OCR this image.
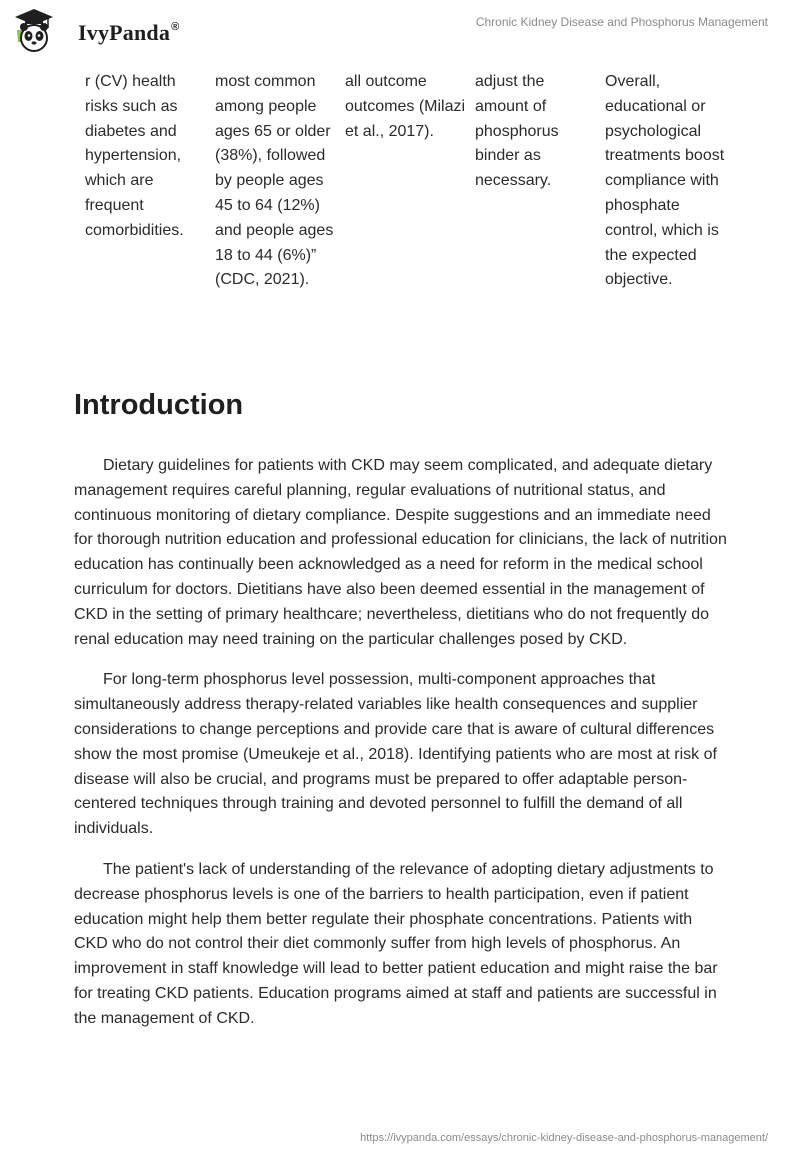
IvyPanda®	Chronic Kidney Disease and Phosphorus Management

r (CV) health risks such as diabetes and hypertension, which are frequent comorbidities.

most common among people ages 65 or older (38%), followed by people ages 45 to 64 (12%) and people ages 18 to 44 (6%)” (CDC, 2021).

all outcome outcomes (Milazi et al., 2017).

adjust the amount of phosphorus binder as necessary.

Overall, educational or psychological treatments boost compliance with phosphate control, which is the expected objective.

Introduction

Dietary guidelines for patients with CKD may seem complicated, and adequate dietary management requires careful planning, regular evaluations of nutritional status, and continuous monitoring of dietary compliance. Despite suggestions and an immediate need for thorough nutrition education and professional education for clinicians, the lack of nutrition education has continually been acknowledged as a need for reform in the medical school curriculum for doctors. Dietitians have also been deemed essential in the management of CKD in the setting of primary healthcare; nevertheless, dietitians who do not frequently do renal education may need training on the particular challenges posed by CKD.

For long-term phosphorus level possession, multi-component approaches that simultaneously address therapy-related variables like health consequences and supplier considerations to change perceptions and provide care that is aware of cultural differences show the most promise (Umeukeje et al., 2018). Identifying patients who are most at risk of disease will also be crucial, and programs must be prepared to offer adaptable person-centered techniques through training and devoted personnel to fulfill the demand of all individuals.

The patient's lack of understanding of the relevance of adopting dietary adjustments to decrease phosphorus levels is one of the barriers to health participation, even if patient education might help them better regulate their phosphate concentrations. Patients with CKD who do not control their diet commonly suffer from high levels of phosphorus. An improvement in staff knowledge will lead to better patient education and might raise the bar for treating CKD patients. Education programs aimed at staff and patients are successful in the management of CKD.

https://ivypanda.com/essays/chronic-kidney-disease-and-phosphorus-management/
